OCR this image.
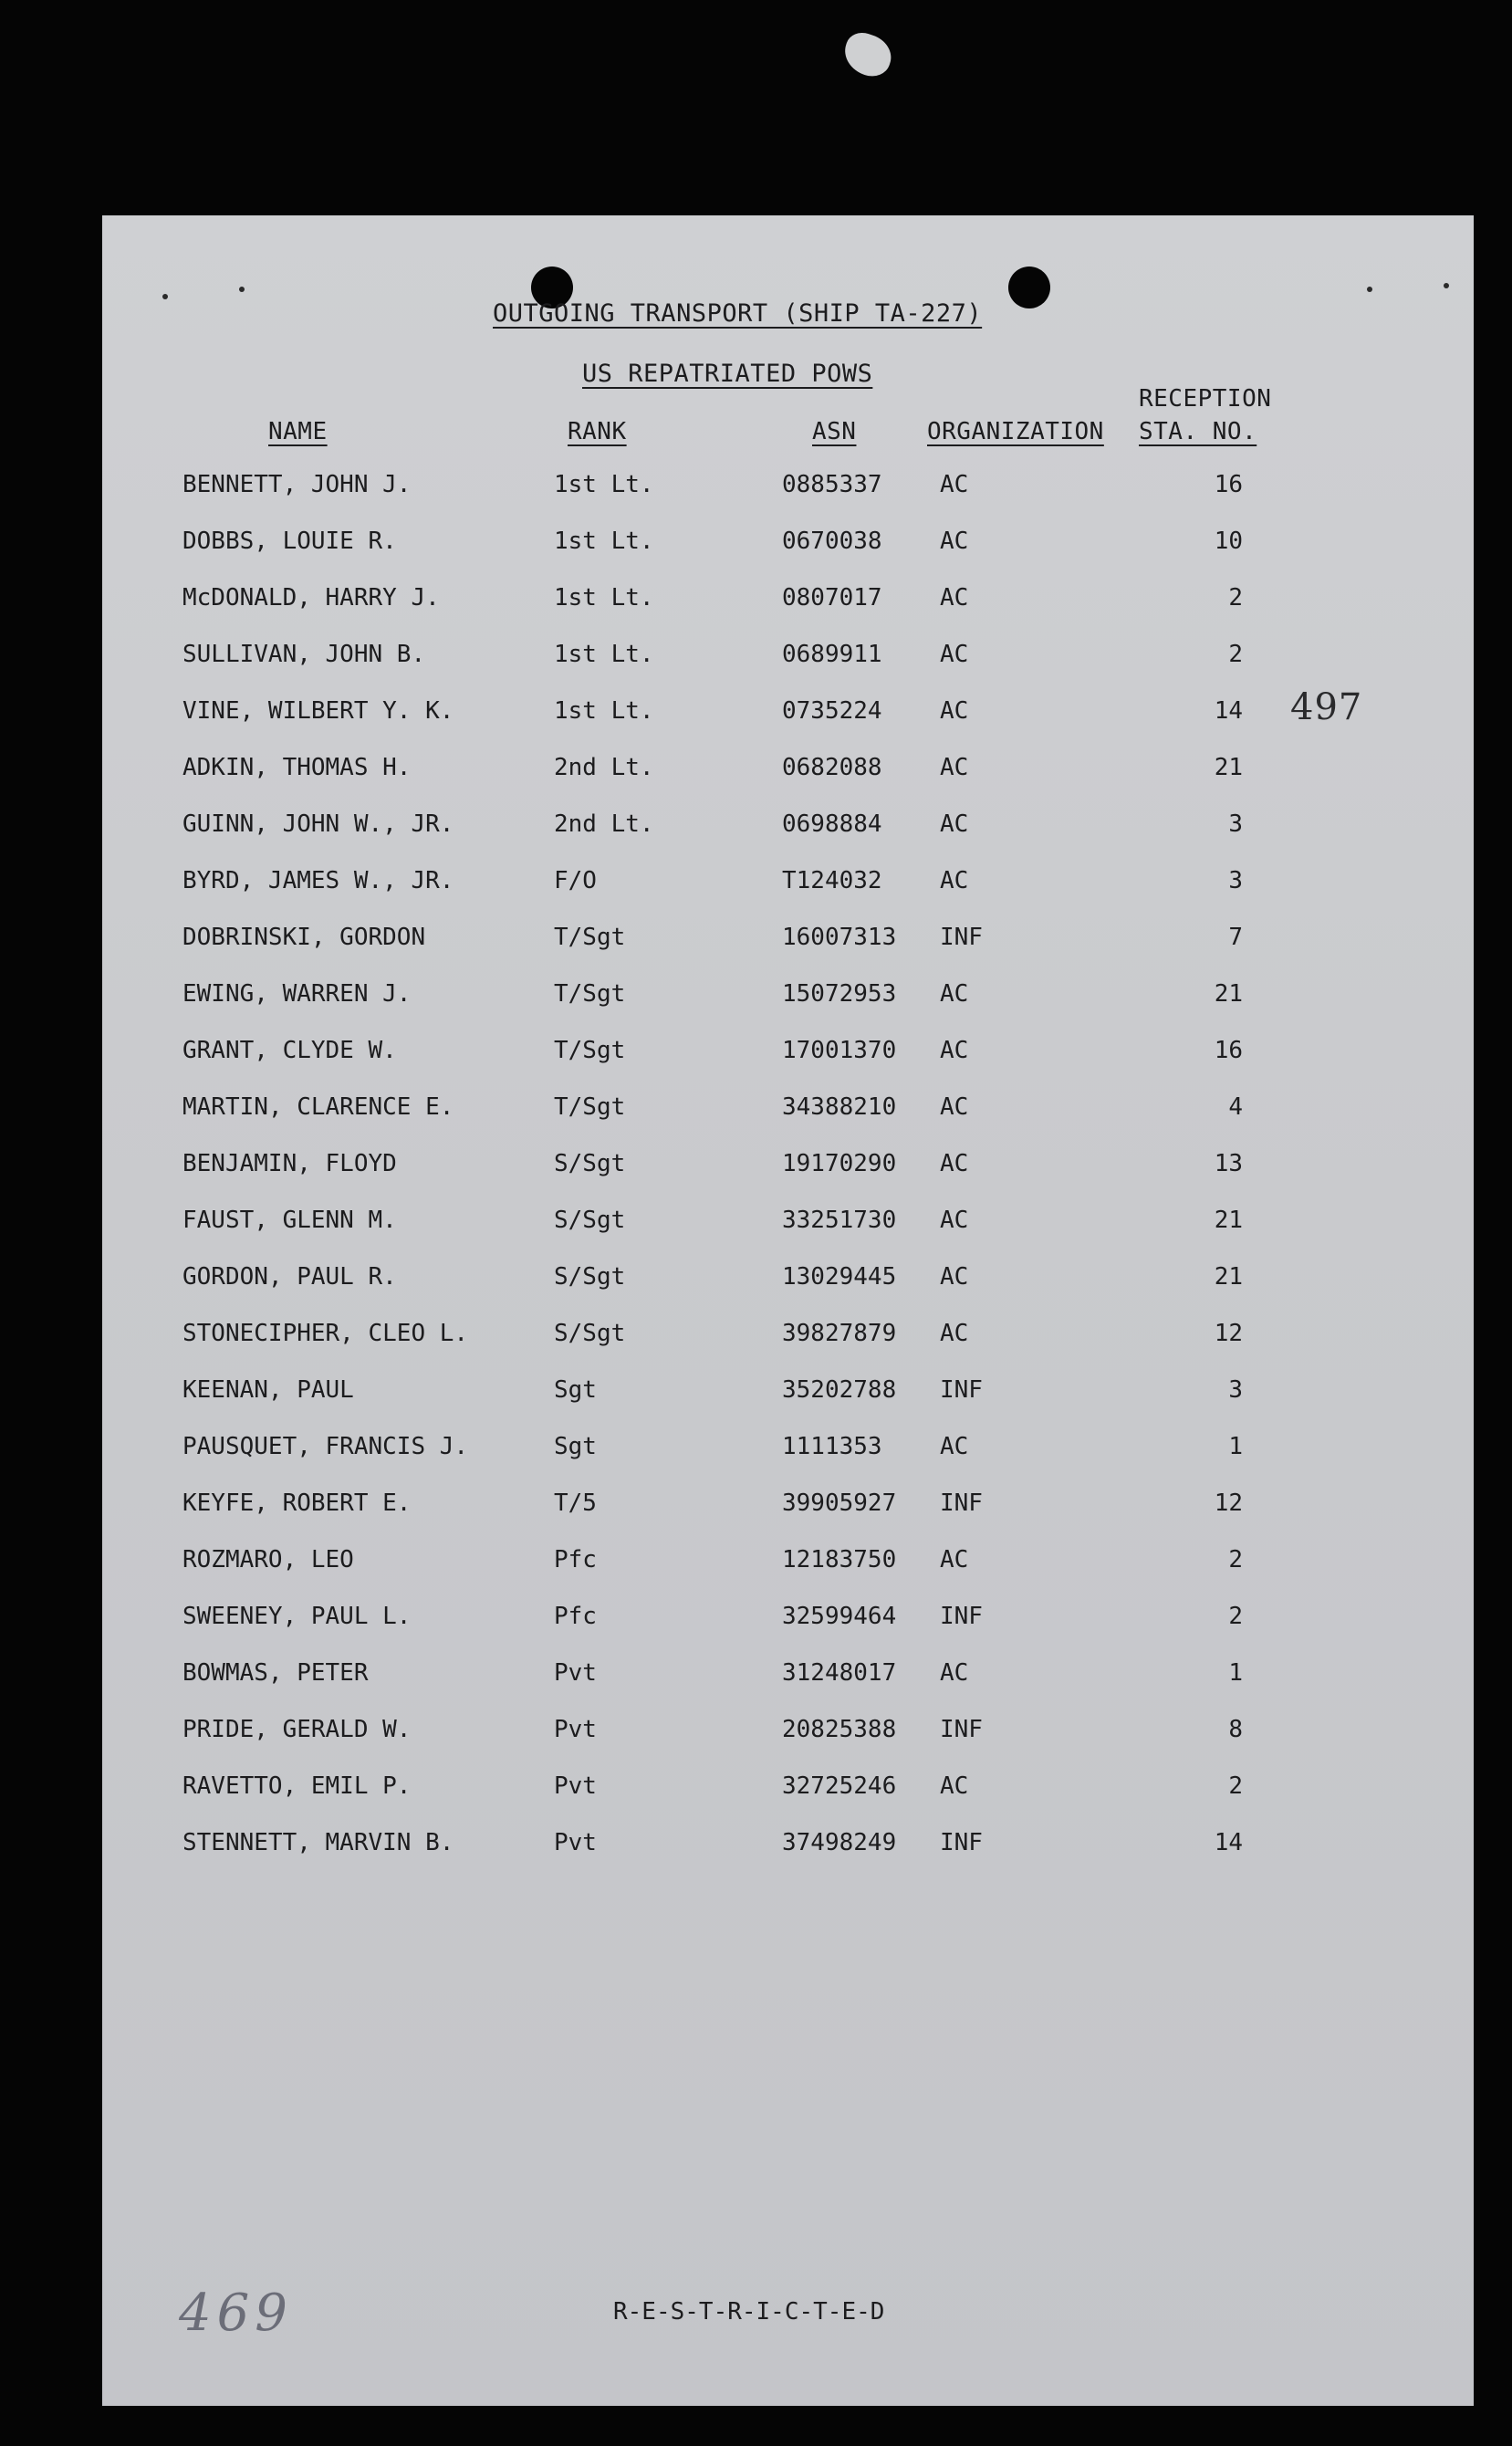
OUTGOING TRANSPORT (SHIP TA-227)
US REPATRIATED POWS
NAME	RANK	ASN	ORGANIZATION
RECEPTION
STA. NO.
BENNETT, JOHN J.	1st Lt.	0885337 AC	16
DOBBS, LOUIE R.	1st Lt.	0670038 AC	10
McDONALD, HARRY J.	1st Lt.	0807017 AC	2
SULLIVAN, JOHN B.	1st Lt.	0689911 AC	2
VINE, WILBERT Y. K.	1st Lt.	0735224 AC	14
ADKIN, THOMAS H.	2nd Lt.	0682088 AC	21
GUINN, JOHN W., JR.	2nd Lt.	0698884 AC	3
BYRD, JAMES W., JR.	F/O	T124032 AC	3
DOBRINSKI, GORDON	T/Sgt	16007313 INF	7
EWING, WARREN J.	T/Sgt	15072953 AC	21
GRANT, CLYDE W.	T/Sgt	17001370 AC	16
MARTIN, CLARENCE E.	T/Sgt	34388210 AC	4
BENJAMIN, FLOYD	S/Sgt	19170290 AC	13
FAUST, GLENN M.	S/Sgt	33251730 AC	21
GORDON, PAUL R.	S/Sgt	13029445 AC	21
STONECIPHER, CLEO L.	S/Sgt	39827879 AC	12
KEENAN, PAUL	Sgt	35202788 INF	3
PAUSQUET, FRANCIS J.	Sgt	1111353 AC	1
KEYFE, ROBERT E.	T/5	39905927 INF	12
ROZMARO, LEO	Pfc	12183750 AC	2
SWEENEY, PAUL L.	Pfc	32599464 INF	2
BOWMAS, PETER	Pvt	31248017 AC	1
PRIDE, GERALD W.	Pvt	20825388 INF	8
RAVETTO, EMIL P.	Pvt	32725246 AC	2
STENNETT, MARVIN B.	Pvt	37498249 INF	14
497
469	R-E-S-T-R-I-C-T-E-D
